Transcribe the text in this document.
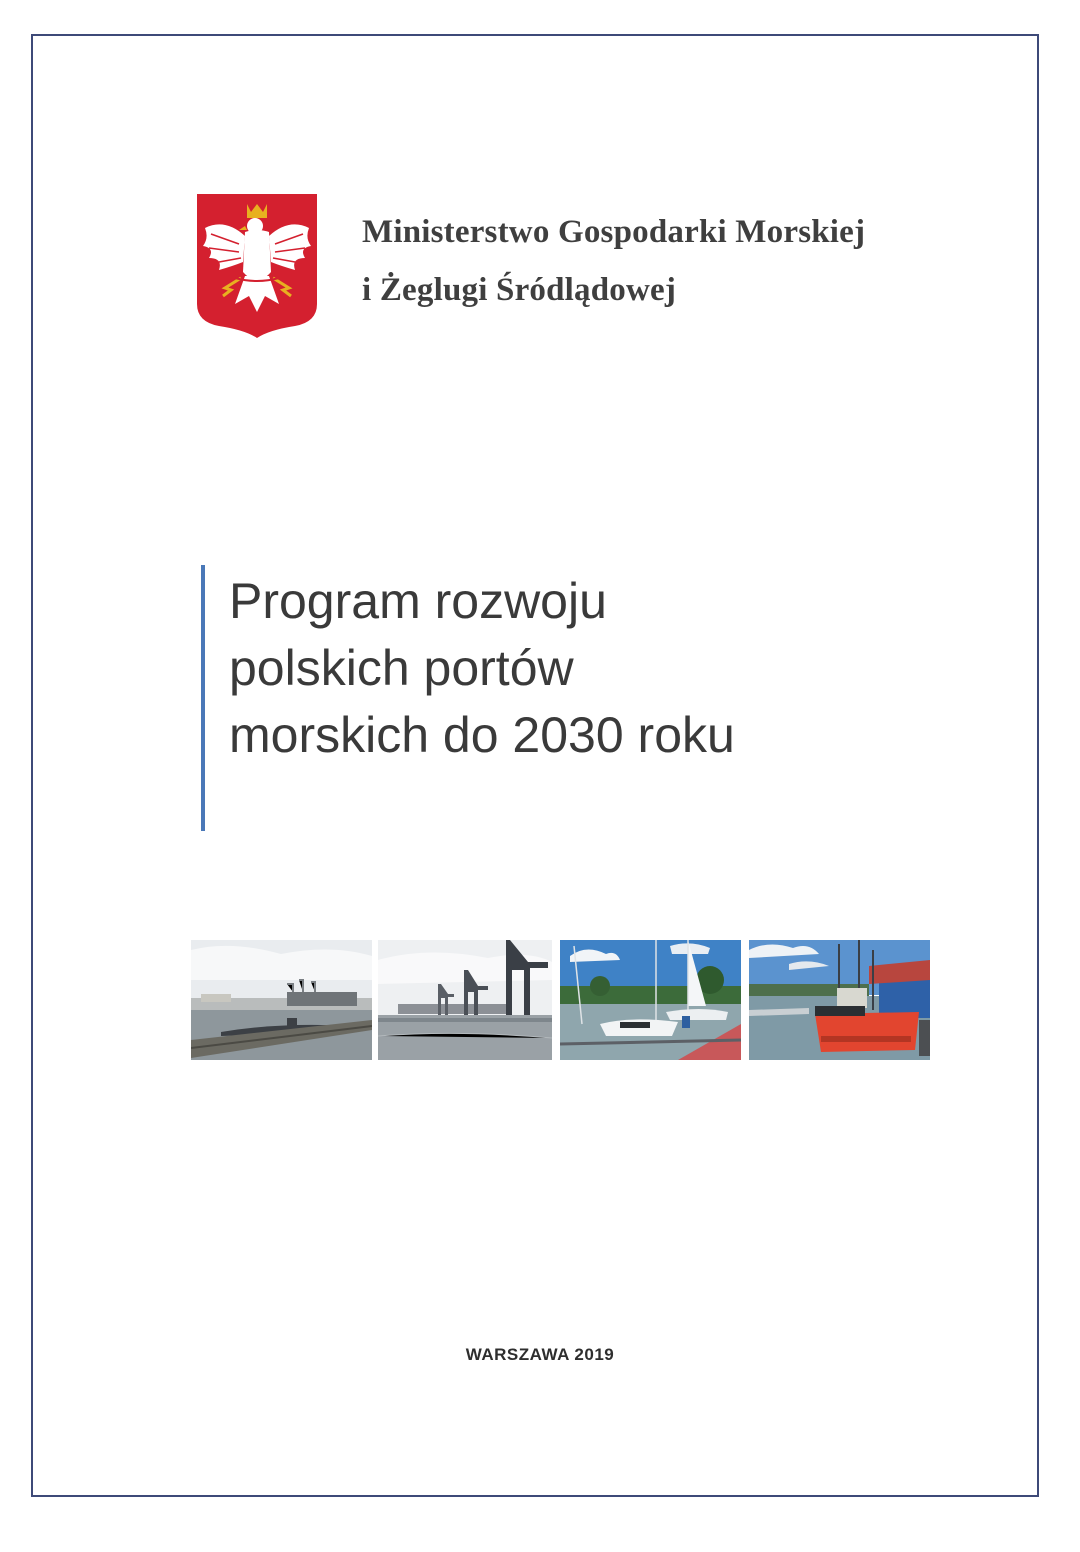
Ministerstwo Gospodarki Morskiej
i Żeglugi Śródlądowej
Program rozwoju
polskich portów
morskich do 2030 roku
WARSZAWA 2019
